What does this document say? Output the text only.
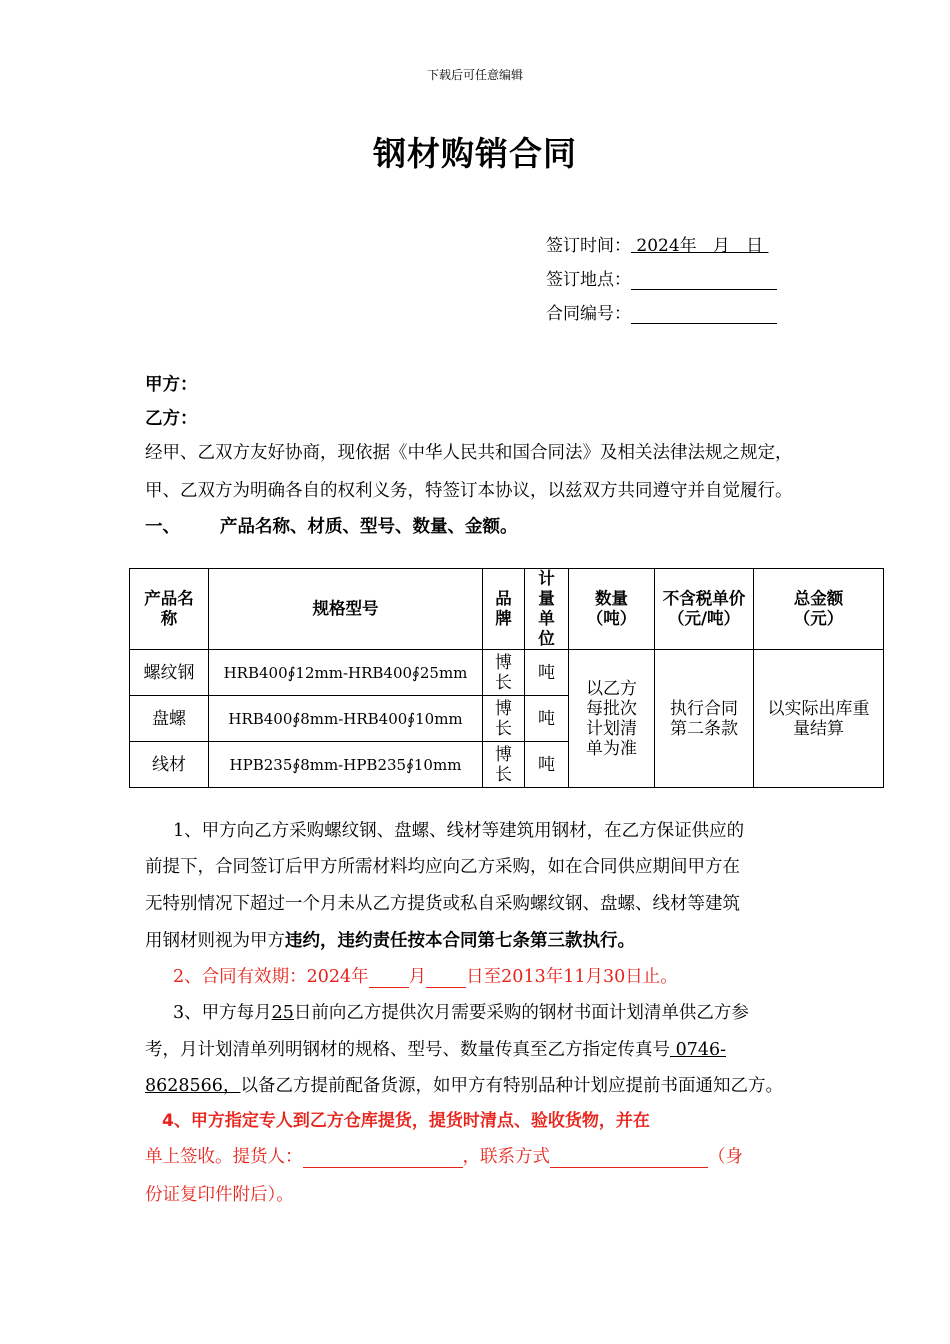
下载后可任意编辑
钢材购销合同
签订时间： 2024年   月   日
签订地点：
合同编号：
甲方：
乙方：
经甲、乙双方友好协商，现依据《中华人民共和国合同法》及相关法律法规之规定，
甲、乙双方为明确各自的权利义务，特签订本协议，以兹双方共同遵守并自觉履行。
一、 产品名称、材质、型号、数量、金额。
产品名称	规格型号	品牌	计量单位	数量（吨）	不含税单价（元/吨）	总金额（元）
螺纹钢	HRB400∮12mm-HRB400∮25mm	博长	吨	以乙方每批次计划清单为准	执行合同第二条款	以实际出库重量结算
盘螺	HRB400∮8mm-HRB400∮10mm	博长	吨			
线材	HPB235∮8mm-HPB235∮10mm	博长	吨			
1、甲方向乙方采购螺纹钢、盘螺、线材等建筑用钢材，在乙方保证供应的
前提下，合同签订后甲方所需材料均应向乙方采购，如在合同供应期间甲方在
无特别情况下超过一个月未从乙方提货或私自采购螺纹钢、盘螺、线材等建筑
用钢材则视为甲方违约，违约责任按本合同第七条第三款执行。
2、合同有效期：2024年 月 日至2013年11月30日止。
3、甲方每月25日前向乙方提供次月需要采购的钢材书面计划清单供乙方参
考，月计划清单列明钢材的规格、型号、数量传真至乙方指定传真号 0746-
8628566，以备乙方提前配备货源，如甲方有特别品种计划应提前书面通知乙方。
4、甲方指定专人到乙方仓库提货，提货时清点、验收货物，并在
单上签收。提货人：	，联系方式	（身
份证复印件附后）。
